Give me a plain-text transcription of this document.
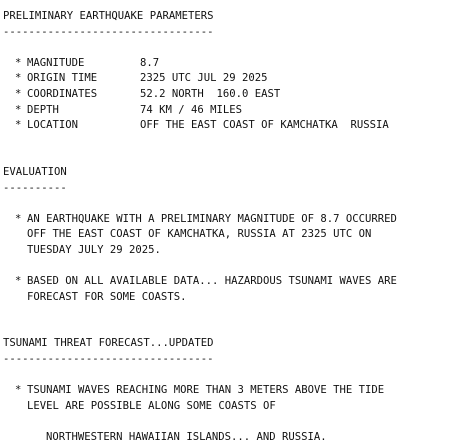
PRELIMINARY EARTHQUAKE PARAMETERS
---------------------------------
* MAGNITUDE	8.7
* ORIGIN TIME	2325 UTC JUL 29 2025
* COORDINATES	52.2 NORTH  160.0 EAST
* DEPTH	74 KM / 46 MILES
* LOCATION	OFF THE EAST COAST OF KAMCHATKA  RUSSIA
EVALUATION
----------
* AN EARTHQUAKE WITH A PRELIMINARY MAGNITUDE OF 8.7 OCCURRED
OFF THE EAST COAST OF KAMCHATKA, RUSSIA AT 2325 UTC ON
TUESDAY JULY 29 2025.
* BASED ON ALL AVAILABLE DATA... HAZARDOUS TSUNAMI WAVES ARE
FORECAST FOR SOME COASTS.
TSUNAMI THREAT FORECAST...UPDATED
---------------------------------
* TSUNAMI WAVES REACHING MORE THAN 3 METERS ABOVE THE TIDE
LEVEL ARE POSSIBLE ALONG SOME COASTS OF
NORTHWESTERN HAWAIIAN ISLANDS... AND RUSSIA.
